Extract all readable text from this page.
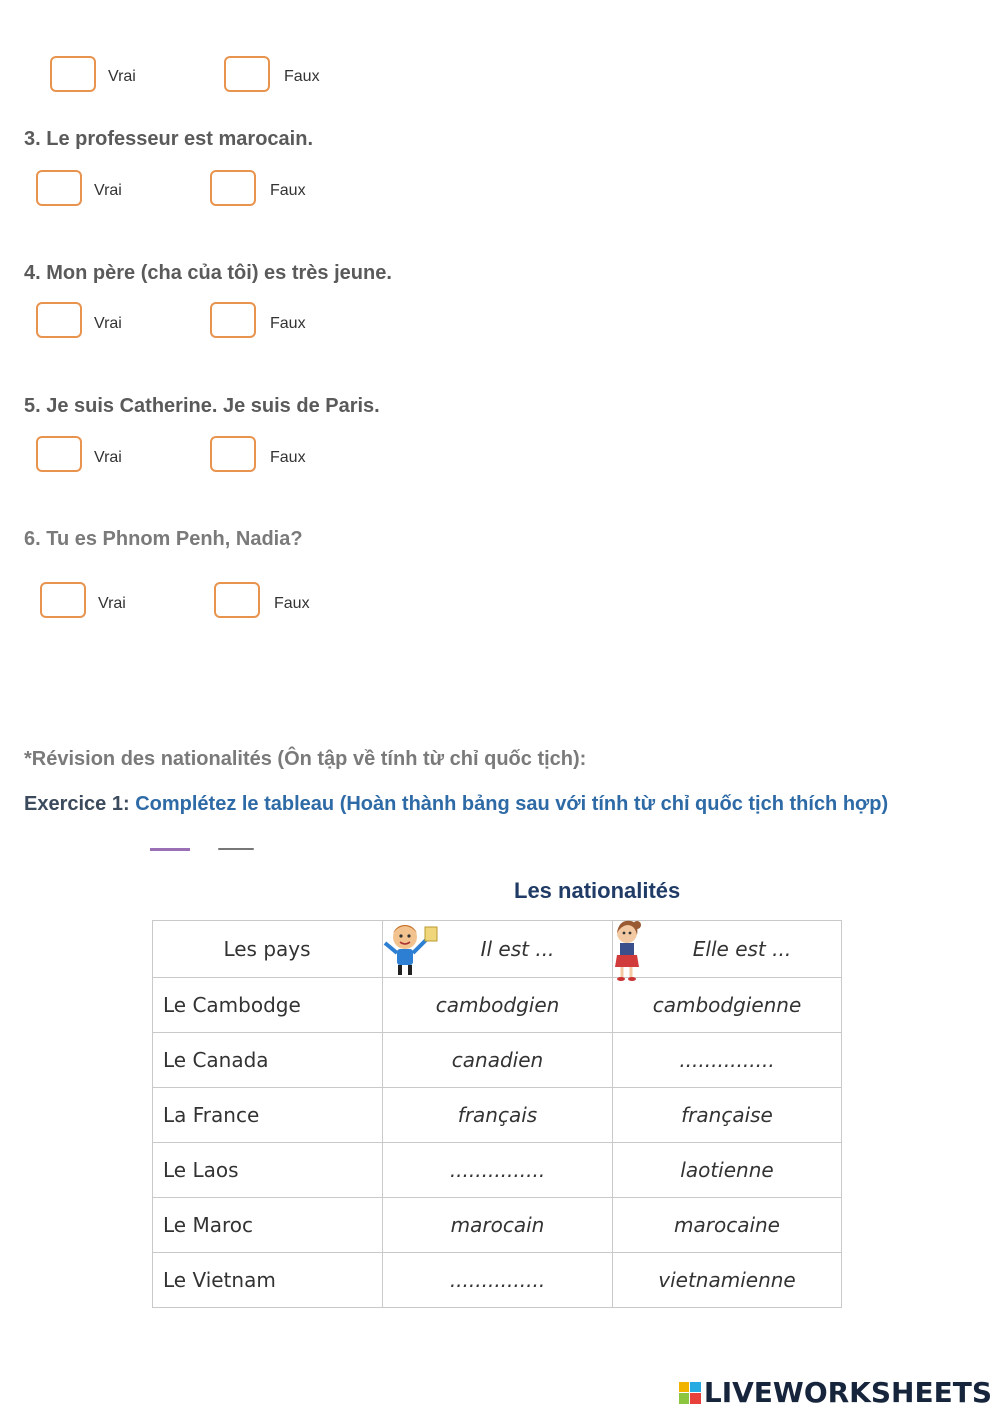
Vrai	Faux
3. Le professeur est marocain.
Vrai	Faux
4. Mon père (cha của tôi) es très jeune.
Vrai	Faux
5. Je suis Catherine. Je suis de Paris.
Vrai	Faux
6. Tu es Phnom Penh, Nadia?
Vrai	Faux
*Révision des nationalités (Ôn tập về tính từ chỉ quốc tịch):
Exercice 1: Complétez le tableau (Hoàn thành bảng sau với tính từ chỉ quốc tịch thích hợp)
Les nationalités
Les pays	Il est ...	Elle est ...
Le Cambodge	cambodgien	cambodgienne
Le Canada	canadien	...............
La France	français	française
Le Laos	...............	laotienne
Le Maroc	marocain	marocaine
Le Vietnam	...............	vietnamienne
LIVEWORKSHEETS
